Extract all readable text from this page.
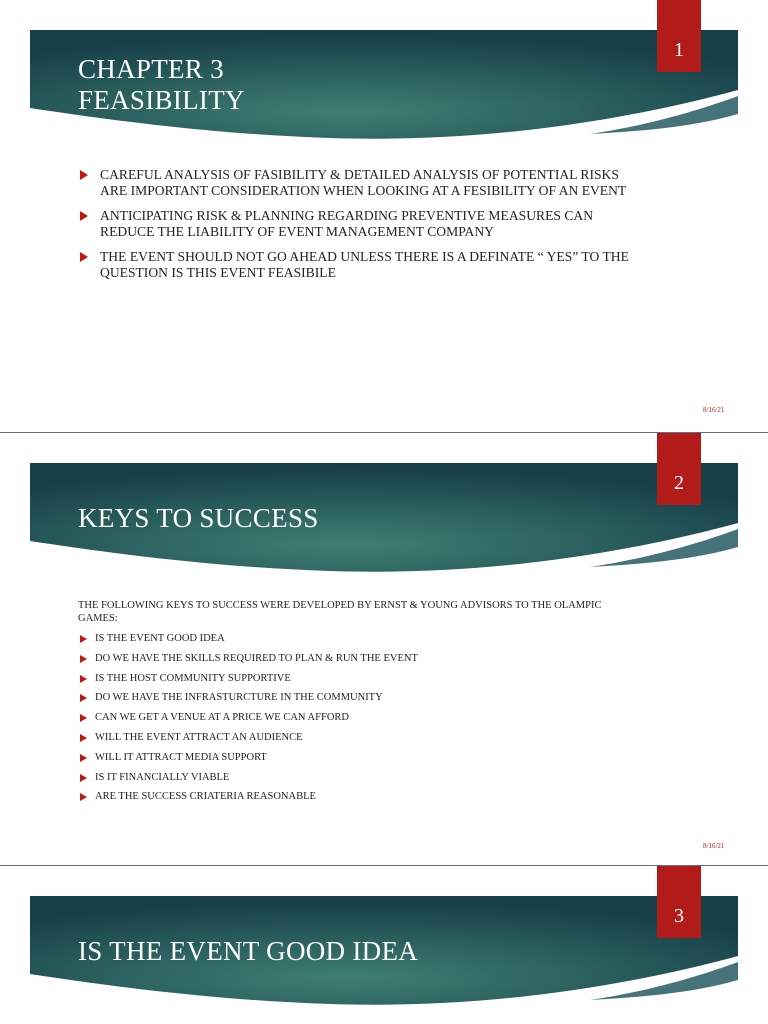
CHAPTER 3
FEASIBILITY
1
CAREFUL ANALYSIS OF FASIBILITY & DETAILED ANALYSIS OF POTENTIAL RISKS ARE IMPORTANT CONSIDERATION WHEN LOOKING AT A FESIBILITY OF AN EVENT
ANTICIPATING RISK & PLANNING REGARDING PREVENTIVE MEASURES CAN REDUCE THE LIABILITY OF EVENT MANAGEMENT COMPANY
THE EVENT SHOULD NOT GO AHEAD UNLESS THERE IS A DEFINATE “ YES” TO THE QUESTION IS THIS EVENT FEASIBILE
8/16/21
KEYS TO SUCCESS
2
THE FOLLOWING KEYS TO SUCCESS WERE DEVELOPED BY ERNST & YOUNG ADVISORS TO THE OLAMPIC GAMES:
IS THE EVENT GOOD IDEA
DO WE HAVE THE SKILLS REQUIRED TO PLAN & RUN THE EVENT
IS THE HOST COMMUNITY SUPPORTIVE
DO WE HAVE THE INFRASTURCTURE IN THE COMMUNITY
CAN WE GET A VENUE AT A PRICE WE CAN AFFORD
WILL THE EVENT ATTRACT AN AUDIENCE
WILL IT ATTRACT MEDIA SUPPORT
IS IT FINANCIALLY VIABLE
ARE THE SUCCESS CRIATERIA REASONABLE
8/16/21
IS THE EVENT GOOD IDEA
3
